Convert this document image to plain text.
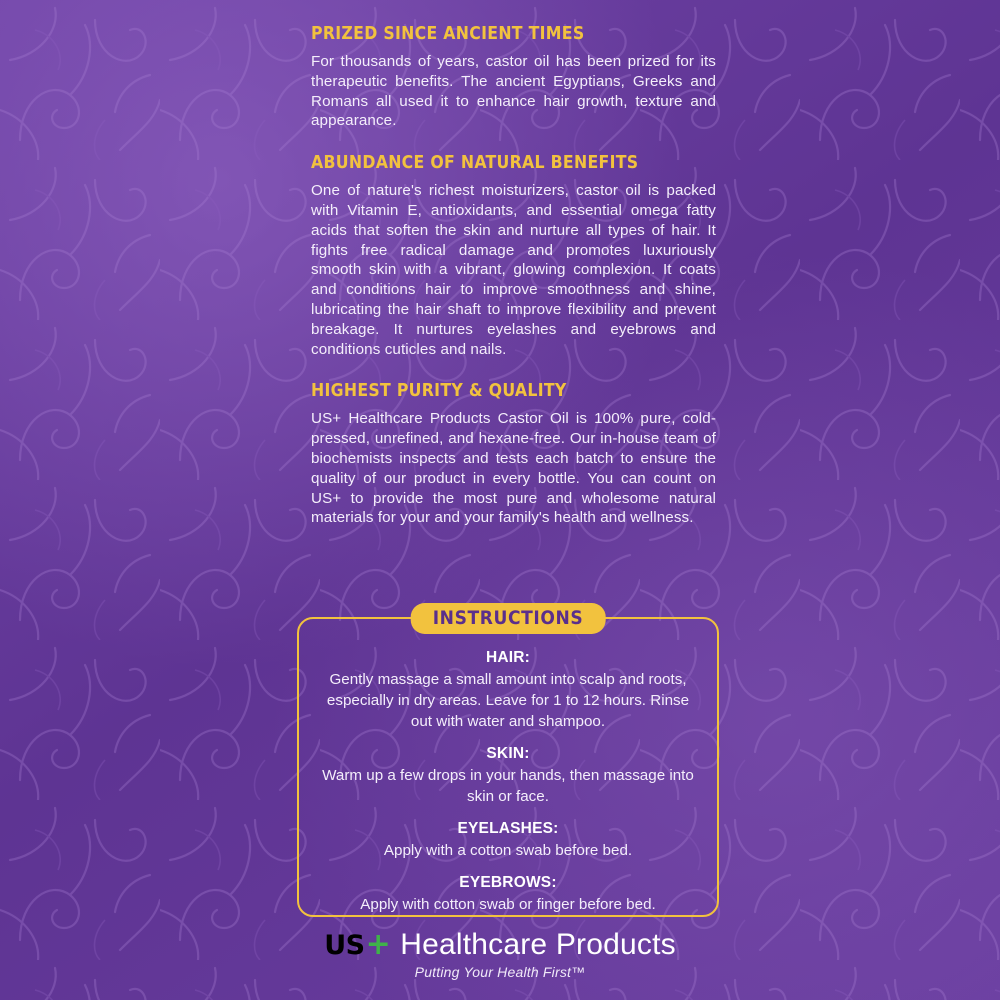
PRIZED SINCE ANCIENT TIMES

For thousands of years, castor oil has been prized for its therapeutic benefits. The ancient Egyptians, Greeks and Romans all used it to enhance hair growth, texture and appearance.

ABUNDANCE OF NATURAL BENEFITS

One of nature's richest moisturizers, castor oil is packed with Vitamin E, antioxidants, and essential omega fatty acids that soften the skin and nurture all types of hair. It fights free radical damage and promotes luxuriously smooth skin with a vibrant, glowing complexion. It coats and conditions hair to improve smoothness and shine, lubricating the hair shaft to improve flexibility and prevent breakage. It nurtures eyelashes and eyebrows and conditions cuticles and nails.

HIGHEST PURITY & QUALITY

US+ Healthcare Products Castor Oil is 100% pure, cold-pressed, unrefined, and hexane-free. Our in-house team of biochemists inspects and tests each batch to ensure the quality of our product in every bottle. You can count on US+ to provide the most pure and wholesome natural materials for your and your family's health and wellness.

INSTRUCTIONS
HAIR:
Gently massage a small amount into scalp and roots, especially in dry areas. Leave for 1 to 12 hours. Rinse out with water and shampoo.
SKIN:
Warm up a few drops in your hands, then massage into skin or face.
EYELASHES:
Apply with a cotton swab before bed.
EYEBROWS:
Apply with cotton swab or finger before bed.
US + Healthcare Products
Putting Your Health First™
